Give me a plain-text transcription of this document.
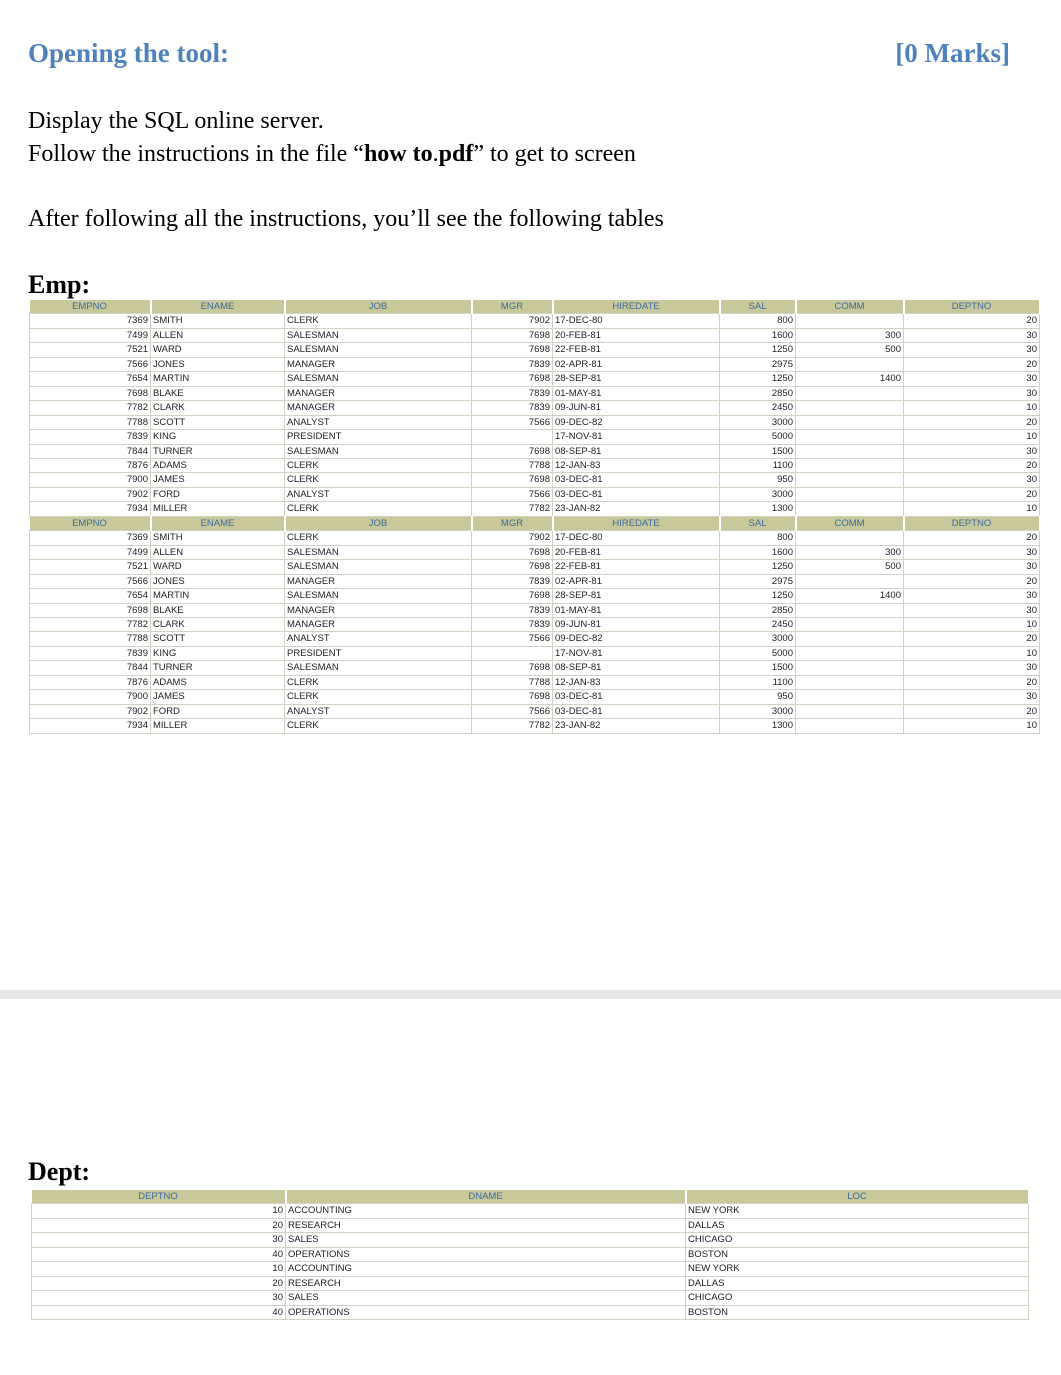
Opening the tool:	[0 Marks]
Display the SQL online server.
Follow the instructions in the file “how to.pdf” to get to screen
After following all the instructions, you’ll see the following tables
Emp:
EMPNO	ENAME	JOB	MGR	HIREDATE	SAL	COMM	DEPTNO
7369	SMITH	CLERK	7902	17-DEC-80	800		20
7499	ALLEN	SALESMAN	7698	20-FEB-81	1600	300	30
7521	WARD	SALESMAN	7698	22-FEB-81	1250	500	30
7566	JONES	MANAGER	7839	02-APR-81	2975		20
7654	MARTIN	SALESMAN	7698	28-SEP-81	1250	1400	30
7698	BLAKE	MANAGER	7839	01-MAY-81	2850		30
7782	CLARK	MANAGER	7839	09-JUN-81	2450		10
7788	SCOTT	ANALYST	7566	09-DEC-82	3000		20
7839	KING	PRESIDENT		17-NOV-81	5000		10
7844	TURNER	SALESMAN	7698	08-SEP-81	1500		30
7876	ADAMS	CLERK	7788	12-JAN-83	1100		20
7900	JAMES	CLERK	7698	03-DEC-81	950		30
7902	FORD	ANALYST	7566	03-DEC-81	3000		20
7934	MILLER	CLERK	7782	23-JAN-82	1300		10
EMPNO	ENAME	JOB	MGR	HIREDATE	SAL	COMM	DEPTNO
7369	SMITH	CLERK	7902	17-DEC-80	800		20
7499	ALLEN	SALESMAN	7698	20-FEB-81	1600	300	30
7521	WARD	SALESMAN	7698	22-FEB-81	1250	500	30
7566	JONES	MANAGER	7839	02-APR-81	2975		20
7654	MARTIN	SALESMAN	7698	28-SEP-81	1250	1400	30
7698	BLAKE	MANAGER	7839	01-MAY-81	2850		30
7782	CLARK	MANAGER	7839	09-JUN-81	2450		10
7788	SCOTT	ANALYST	7566	09-DEC-82	3000		20
7839	KING	PRESIDENT		17-NOV-81	5000		10
7844	TURNER	SALESMAN	7698	08-SEP-81	1500		30
7876	ADAMS	CLERK	7788	12-JAN-83	1100		20
7900	JAMES	CLERK	7698	03-DEC-81	950		30
7902	FORD	ANALYST	7566	03-DEC-81	3000		20
7934	MILLER	CLERK	7782	23-JAN-82	1300		10
Dept:
DEPTNO	DNAME	LOC
10	ACCOUNTING	NEW YORK
20	RESEARCH	DALLAS
30	SALES	CHICAGO
40	OPERATIONS	BOSTON
10	ACCOUNTING	NEW YORK
20	RESEARCH	DALLAS
30	SALES	CHICAGO
40	OPERATIONS	BOSTON
